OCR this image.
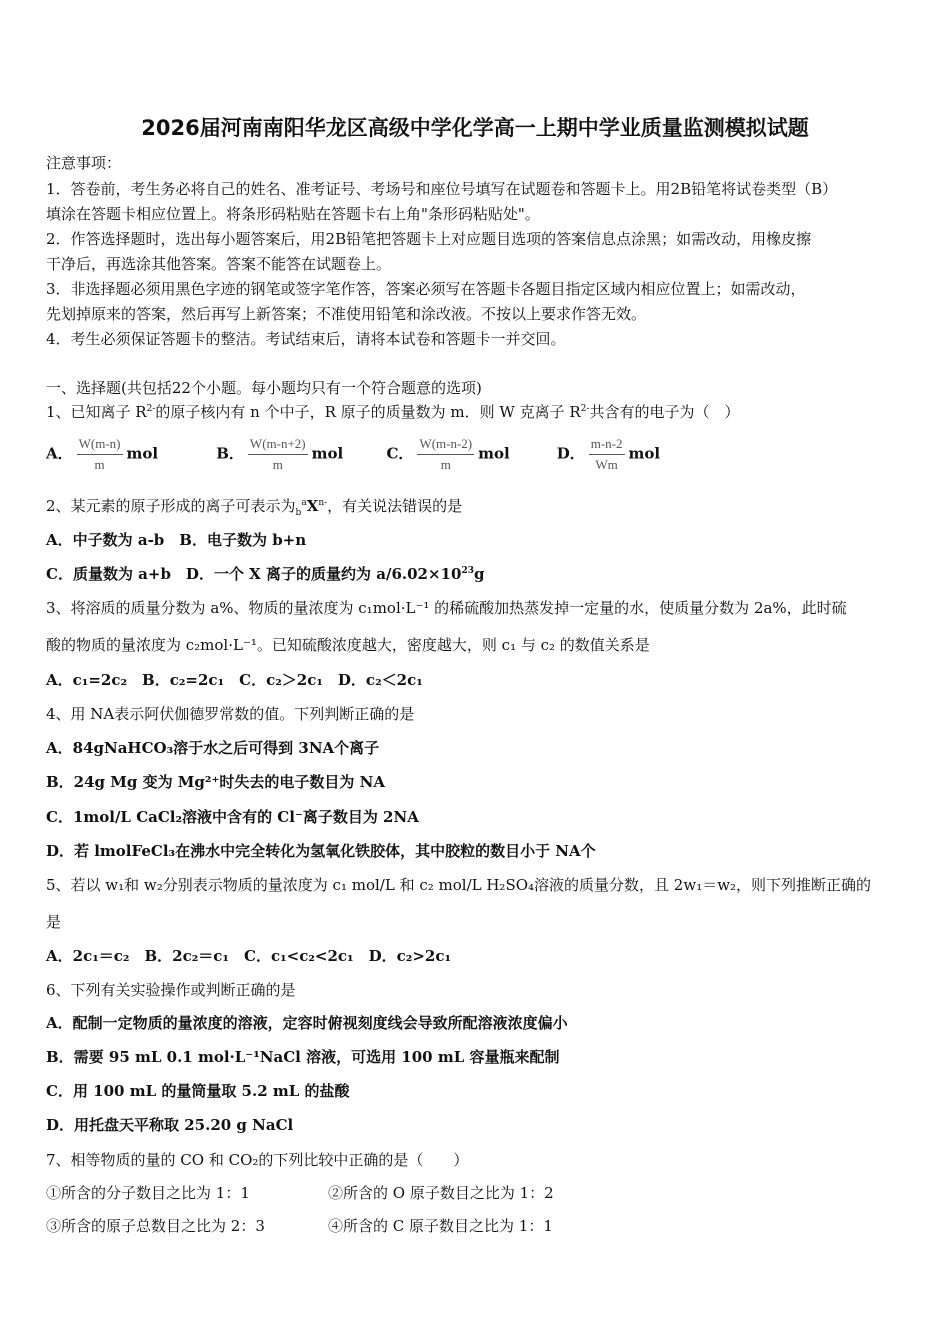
2026届河南南阳华龙区高级中学化学高一上期中学业质量监测模拟试题
注意事项：
1．答卷前，考生务必将自己的姓名、准考证号、考场号和座位号填写在试题卷和答题卡上。用2B铅笔将试卷类型（B）
填涂在答题卡相应位置上。将条形码粘贴在答题卡右上角"条形码粘贴处"。
2．作答选择题时，选出每小题答案后，用2B铅笔把答题卡上对应题目选项的答案信息点涂黑；如需改动，用橡皮擦
干净后，再选涂其他答案。答案不能答在试题卷上。
3．非选择题必须用黑色字迹的钢笔或签字笔作答，答案必须写在答题卡各题目指定区域内相应位置上；如需改动，
先划掉原来的答案，然后再写上新答案；不准使用铅笔和涂改液。不按以上要求作答无效。
4．考生必须保证答题卡的整洁。考试结束后，请将本试卷和答题卡一并交回。
一、选择题(共包括22个小题。每小题均只有一个符合题意的选项)
1、已知离子 $R^{2-}$的原子核内有 n 个中子，R 原子的质量数为 m．则 W 克离子 $R^{2-}$共含有的电子为（　）
A． $\frac{W(m-n)}{m}$ mol	B． $\frac{W(m-n+2)}{m}$ mol	C． $\frac{W(m-n-2)}{m}$ mol	D． $\frac{m-n-2}{Wm}$ mol
2、某元素的原子形成的离子可表示为$_b^aX^{n-}$，有关说法错误的是
A．中子数为 a-b　B．电子数为 b+n
C．质量数为 a+b　D．一个 X 离子的质量约为 $a/6.02\times 10^{23}g$
3、将溶质的质量分数为 a%、物质的量浓度为 c₁mol·L⁻¹ 的稀硫酸加热蒸发掉一定量的水，使质量分数为 2a%，此时硫
酸的物质的量浓度为 c₂mol·L⁻¹。已知硫酸浓度越大，密度越大，则 c₁ 与 c₂ 的数值关系是
A．c₁=2c₂　B．c₂=2c₁　C．c₂＞2c₁　D．c₂＜2c₁
4、用 NA表示阿伏伽德罗常数的值。下列判断正确的是
A．84gNaHCO₃溶于水之后可得到 3NA个离子
B．24g Mg 变为 Mg²⁺时失去的电子数目为 NA
C．1mol/L CaCl₂溶液中含有的 Cl⁻离子数目为 2NA
D．若 lmolFeCl₃在沸水中完全转化为氢氧化铁胶体，其中胶粒的数目小于 NA个
5、若以 w₁和 w₂分别表示物质的量浓度为 c₁ mol/L 和 c₂ mol/L H₂SO₄溶液的质量分数，且 2w₁＝w₂，则下列推断正确的
是
A．2c₁＝c₂　B．2c₂＝c₁　C．c₁<c₂<2c₁　D．c₂>2c₁
6、下列有关实验操作或判断正确的是
A．配制一定物质的量浓度的溶液，定容时俯视刻度线会导致所配溶液浓度偏小
B．需要 95 mL 0.1 mol·L⁻¹NaCl 溶液，可选用 100 mL 容量瓶来配制
C．用 100 mL 的量筒量取 5.2 mL 的盐酸
D．用托盘天平称取 25.20 g NaCl
7、相等物质的量的 CO 和 CO₂的下列比较中正确的是（　　）
①所含的分子数目之比为 1：1	②所含的 O 原子数目之比为 1：2
③所含的原子总数目之比为 2：3	④所含的 C 原子数目之比为 1：1
